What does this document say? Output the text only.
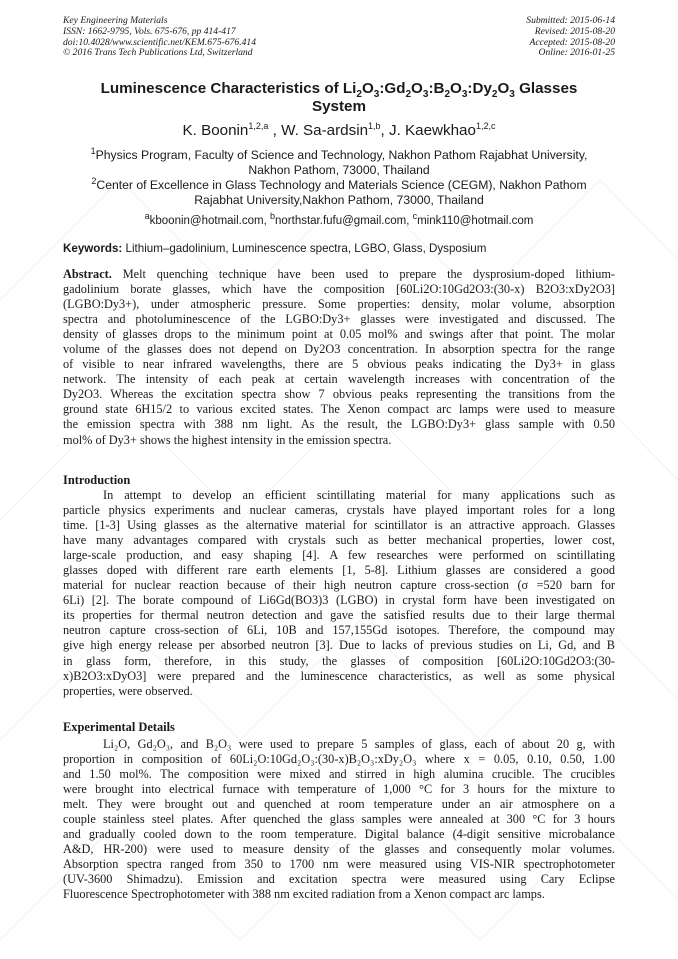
Key Engineering Materials
ISSN: 1662-9795, Vols. 675-676, pp 414-417
doi:10.4028/www.scientific.net/KEM.675-676.414
© 2016 Trans Tech Publications Ltd, Switzerland
Submitted: 2015-06-14
Revised: 2015-08-20
Accepted: 2015-08-20
Online: 2016-01-25
Luminescence Characteristics of $Li_2O_3:Gd_2O_3:B_2O_3:Dy_2O_3$ Glasses
System
K. Boonin$^{1,2,a}$ , W. Sa-ardsin$^{1,b}$, J. Kaewkhao$^{1,2,c}$
$^1$Physics Program, Faculty of Science and Technology, Nakhon Pathom Rajabhat University,
Nakhon Pathom, 73000, Thailand
$^2$Center of Excellence in Glass Technology and Materials Science (CEGM), Nakhon Pathom
Rajabhat University,Nakhon Pathom, 73000, Thailand
$^a$kboonin@hotmail.com, $^b$northstar.fufu@gmail.com, $^c$mink110@hotmail.com
Keywords: Lithium–gadolinium, Luminescence spectra, LGBO, Glass, Dysposium
Abstract. Melt quenching technique have been used to prepare the dysprosium-doped lithium-
gadolinium borate glasses, which have the composition [60Li2O:10Gd2O3:(30-x) B2O3:xDy2O3]
(LGBO:Dy3+), under atmospheric pressure. Some properties: density, molar volume, absorption
spectra and photoluminescence of the LGBO:Dy3+ glasses were investigated and discussed. The
density of glasses drops to the minimum point at 0.05 mol% and swings after that point. The molar
volume of the glasses does not depend on Dy2O3 concentration. In absorption spectra for the range
of visible to near infrared wavelengths, there are 5 obvious peaks indicating the Dy3+ in glass
network. The intensity of each peak at certain wavelength increases with concentration of the
Dy2O3. Whereas the excitation spectra show 7 obvious peaks representing the transitions from the
ground state 6H15/2 to various excited states. The Xenon compact arc lamps were used to measure
the emission spectra with 388 nm light. As the result, the LGBO:Dy3+ glass sample with 0.50
mol% of Dy3+ shows the highest intensity in the emission spectra.
Introduction
In attempt to develop an efficient scintillating material for many applications such as
particle physics experiments and nuclear cameras, crystals have played important roles for a long
time. [1-3] Using glasses as the alternative material for scintillator is an attractive approach. Glasses
have many advantages compared with crystals such as better mechanical properties, lower cost,
large-scale production, and easy shaping [4]. A few researches were performed on scintillating
glasses doped with different rare earth elements [1, 5-8]. Lithium glasses are considered a good
material for nuclear reaction because of their high neutron capture cross-section (σ =520 barn for
6Li) [2]. The borate compound of Li6Gd(BO3)3 (LGBO) in crystal form have been investigated on
its properties for thermal neutron detection and gave the satisfied results due to their large thermal
neutron capture cross-section of 6Li, 10B and 157,155Gd isotopes. Therefore, the compound may
give high energy release per absorbed neutron [3]. Due to lacks of previous studies on Li, Gd, and B
in glass form, therefore, in this study, the glasses of composition [60Li2O:10Gd2O3:(30-
x)B2O3:xDyO3] were prepared and the luminescence characteristics, as well as some physical
properties, were observed.
Experimental Details
Li₂O, Gd₂O₃, and B₂O₃ were used to prepare 5 samples of glass, each of about 20 g, with
proportion in composition of 60Li₂O:10Gd₂O₃:(30-x)B₂O₃:xDy₂O₃ where x = 0.05, 0.10, 0.50, 1.00
and 1.50 mol%. The composition were mixed and stirred in high alumina crucible. The crucibles
were brought into electrical furnace with temperature of 1,000 °C for 3 hours for the mixture to
melt. They were brought out and quenched at room temperature under an air atmosphere on a
couple stainless steel plates. After quenched the glass samples were annealed at 300 °C for 3 hours
and gradually cooled down to the room temperature. Digital balance (4-digit sensitive microbalance
A&D, HR-200) were used to measure density of the glasses and consequently molar volumes.
Absorption spectra ranged from 350 to 1700 nm were measured using VIS-NIR spectrophotometer
(UV-3600 Shimadzu). Emission and excitation spectra were measured using Cary Eclipse
Fluorescence Spectrophotometer with 388 nm excited radiation from a Xenon compact arc lamps.
